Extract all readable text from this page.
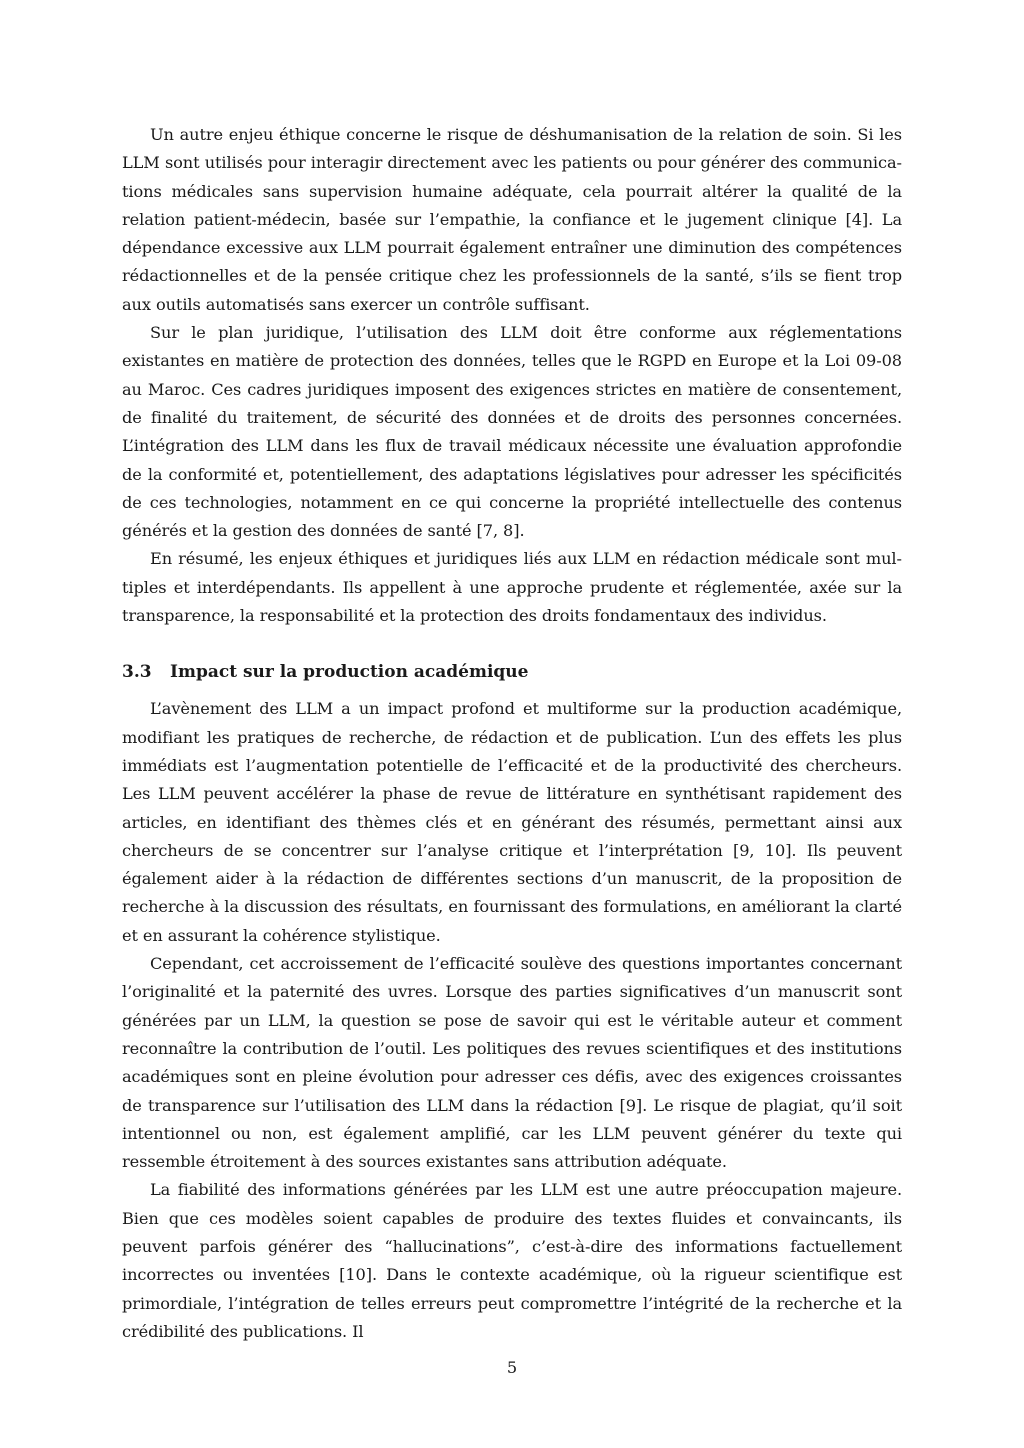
Un autre enjeu éthique concerne le risque de déshumanisation de la relation de soin. Si les LLM sont utilisés pour interagir directement avec les patients ou pour générer des communications médicales sans supervision humaine adéquate, cela pourrait altérer la qualité de la relation patient-médecin, basée sur l’empathie, la confiance et le jugement clinique [4]. La dépendance excessive aux LLM pourrait également entraîner une diminution des compétences rédactionnelles et de la pensée critique chez les professionnels de la santé, s’ils se fient trop aux outils automatisés sans exercer un contrôle suffisant.

Sur le plan juridique, l’utilisation des LLM doit être conforme aux réglementations existantes en matière de protection des données, telles que le RGPD en Europe et la Loi 09-08 au Maroc. Ces cadres juridiques imposent des exigences strictes en matière de consentement, de finalité du traitement, de sécurité des données et de droits des personnes concernées. L’intégration des LLM dans les flux de travail médicaux nécessite une évaluation approfondie de la conformité et, potentiellement, des adaptations législatives pour adresser les spécificités de ces technologies, notamment en ce qui concerne la propriété intellectuelle des contenus générés et la gestion des données de santé [7, 8].

En résumé, les enjeux éthiques et juridiques liés aux LLM en rédaction médicale sont multiples et interdépendants. Ils appellent à une approche prudente et réglementée, axée sur la transparence, la responsabilité et la protection des droits fondamentaux des individus.

3.3 Impact sur la production académique

L’avènement des LLM a un impact profond et multiforme sur la production académique, modifiant les pratiques de recherche, de rédaction et de publication. L’un des effets les plus immédiats est l’augmentation potentielle de l’efficacité et de la productivité des chercheurs. Les LLM peuvent accélérer la phase de revue de littérature en synthétisant rapidement des articles, en identifiant des thèmes clés et en générant des résumés, permettant ainsi aux chercheurs de se concentrer sur l’analyse critique et l’interprétation [9, 10]. Ils peuvent également aider à la rédaction de différentes sections d’un manuscrit, de la proposition de recherche à la discussion des résultats, en fournissant des formulations, en améliorant la clarté et en assurant la cohérence stylistique.

Cependant, cet accroissement de l’efficacité soulève des questions importantes concernant l’originalité et la paternité des uvres. Lorsque des parties significatives d’un manuscrit sont générées par un LLM, la question se pose de savoir qui est le véritable auteur et comment reconnaître la contribution de l’outil. Les politiques des revues scientifiques et des institutions académiques sont en pleine évolution pour adresser ces défis, avec des exigences croissantes de transparence sur l’utilisation des LLM dans la rédaction [9]. Le risque de plagiat, qu’il soit intentionnel ou non, est également amplifié, car les LLM peuvent générer du texte qui ressemble étroitement à des sources existantes sans attribution adéquate.

La fiabilité des informations générées par les LLM est une autre préoccupation majeure. Bien que ces modèles soient capables de produire des textes fluides et convaincants, ils peuvent parfois générer des “hallucinations”, c’est-à-dire des informations factuellement incorrectes ou inventées [10]. Dans le contexte académique, où la rigueur scientifique est primordiale, l’intégration de telles erreurs peut compromettre l’intégrité de la recherche et la crédibilité des publications. Il

5
